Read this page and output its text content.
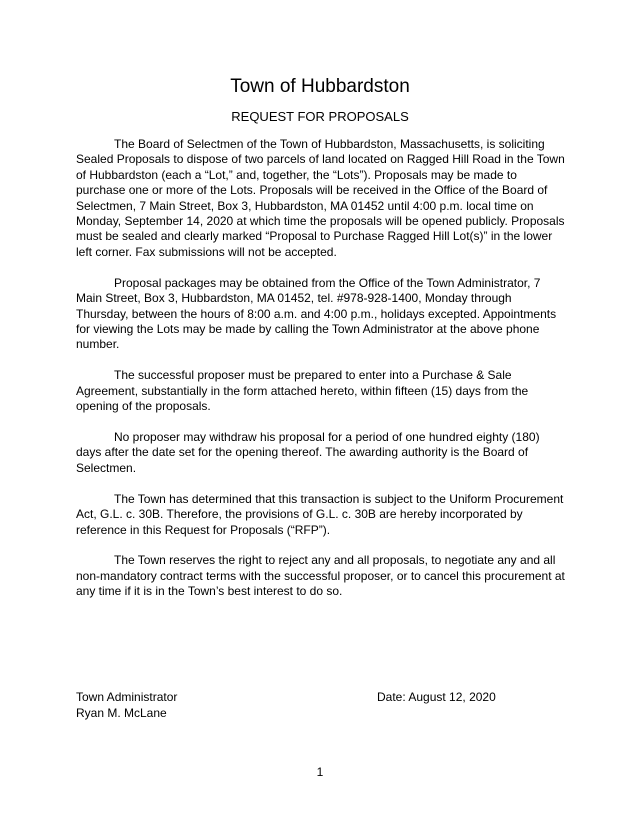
Town of Hubbardston
REQUEST FOR PROPOSALS

The Board of Selectmen of the Town of Hubbardston, Massachusetts, is soliciting Sealed Proposals to dispose of two parcels of land located on Ragged Hill Road in the Town of Hubbardston (each a “Lot,” and, together, the “Lots”). Proposals may be made to purchase one or more of the Lots. Proposals will be received in the Office of the Board of Selectmen, 7 Main Street, Box 3, Hubbardston, MA 01452 until 4:00 p.m. local time on Monday, September 14, 2020 at which time the proposals will be opened publicly. Proposals must be sealed and clearly marked “Proposal to Purchase Ragged Hill Lot(s)” in the lower left corner. Fax submissions will not be accepted.

Proposal packages may be obtained from the Office of the Town Administrator, 7 Main Street, Box 3, Hubbardston, MA 01452, tel. #978-928-1400, Monday through Thursday, between the hours of 8:00 a.m. and 4:00 p.m., holidays excepted. Appointments for viewing the Lots may be made by calling the Town Administrator at the above phone number.

The successful proposer must be prepared to enter into a Purchase & Sale Agreement, substantially in the form attached hereto, within fifteen (15) days from the opening of the proposals.

No proposer may withdraw his proposal for a period of one hundred eighty (180) days after the date set for the opening thereof. The awarding authority is the Board of Selectmen.

The Town has determined that this transaction is subject to the Uniform Procurement Act, G.L. c. 30B. Therefore, the provisions of G.L. c. 30B are hereby incorporated by reference in this Request for Proposals (“RFP”).

The Town reserves the right to reject any and all proposals, to negotiate any and all non-mandatory contract terms with the successful proposer, or to cancel this procurement at any time if it is in the Town’s best interest to do so.

Town Administrator
Ryan M. McLane
Date: August 12, 2020
1
